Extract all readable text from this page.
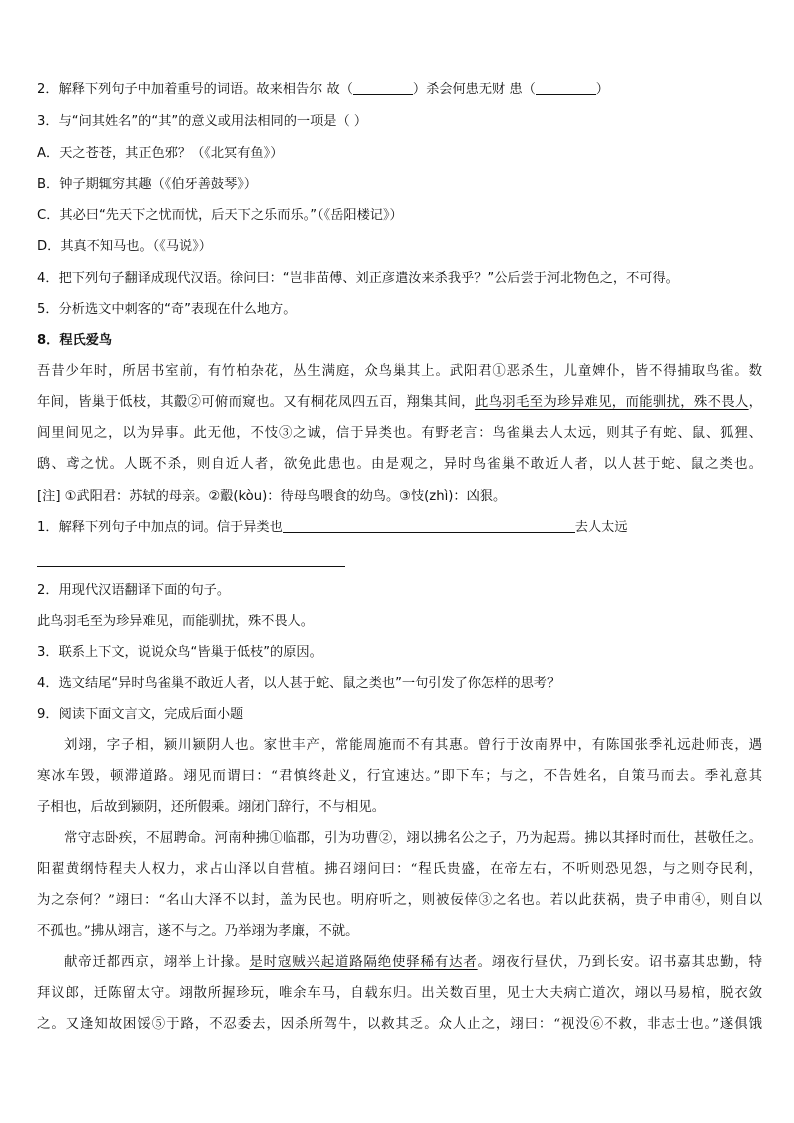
2．解释下列句子中加着重号的词语。故来相告尔 故（	）杀会何患无财 患（	）
3．与“问其姓名”的“其”的意义或用法相同的一项是（ ）
A．天之苍苍，其正色邪？（《北冥有鱼》）
B．钟子期辄穷其趣（《伯牙善鼓琴》）
C．其必曰“先天下之忧而忧，后天下之乐而乐。”（《岳阳楼记》）
D．其真不知马也。（《马说》）
4．把下列句子翻译成现代汉语。徐问曰：“岂非苗傅、刘正彦遣汝来杀我乎？”公后尝于河北物色之，不可得。
5．分析选文中刺客的“奇”表现在什么地方。
8．程氏爱鸟
吾昔少年时，所居书室前，有竹柏杂花，丛生满庭，众鸟巢其上。武阳君①恶杀生，儿童婢仆，皆不得捕取鸟雀。数
年间，皆巢于低枝，其鷇②可俯而窥也。又有桐花凤四五百，翔集其间，此鸟羽毛至为珍异难见，而能驯扰，殊不畏人，
闾里间见之，以为异事。此无他，不忮③之诚，信于异类也。有野老言：鸟雀巢去人太远，则其子有蛇、鼠、狐狸、
鸱、鸢之忧。人既不杀，则自近人者，欲免此患也。由是观之，异时鸟雀巢不敢近人者，以人甚于蛇、鼠之类也。
[注] ①武阳君：苏轼的母亲。②鷇(kòu)：待母鸟喂食的幼鸟。③忮(zhì)：凶狠。
1．解释下列句子中加点的词。信于异类也	去人太远
2．用现代汉语翻译下面的句子。
此鸟羽毛至为珍异难见，而能驯扰，殊不畏人。
3．联系上下文，说说众鸟“皆巢于低枝”的原因。
4．选文结尾“异时鸟雀巢不敢近人者，以人甚于蛇、鼠之类也”一句引发了你怎样的思考？
9．阅读下面文言文，完成后面小题
刘翊，字子相，颍川颍阴人也。家世丰产，常能周施而不有其惠。曾行于汝南界中，有陈国张季礼远赴师丧，遇
寒冰车毁，顿滞道路。翊见而谓曰：“君慎终赴义，行宜速达。”即下车；与之，不告姓名，自策马而去。季礼意其
子相也，后故到颍阴，还所假乘。翊闭门辞行，不与相见。
常守志卧疾，不屈聘命。河南种拂①临郡，引为功曹②，翊以拂名公之子，乃为起焉。拂以其择时而仕，甚敬任之。
阳翟黄纲恃程夫人权力，求占山泽以自营植。拂召翊问曰：“程氏贵盛，在帝左右，不听则恐见怨，与之则夺民利，
为之奈何？”翊曰：“名山大泽不以封，盖为民也。明府听之，则被佞倖③之名也。若以此获祸，贵子申甫④，则自以
不孤也。”拂从翊言，遂不与之。乃举翊为孝廉，不就。
献帝迁都西京，翊举上计掾。是时寇贼兴起道路隔绝使驿稀有达者。翊夜行昼伏，乃到长安。诏书嘉其忠勤，特
拜议郎，迁陈留太守。翊散所握珍玩，唯余车马，自载东归。出关数百里，见士大夫病亡道次，翊以马易棺，脱衣敛
之。又逢知故困馁⑤于路，不忍委去，因杀所驾牛，以救其乏。众人止之，翊曰：“视没⑥不救，非志士也。”遂俱饿
